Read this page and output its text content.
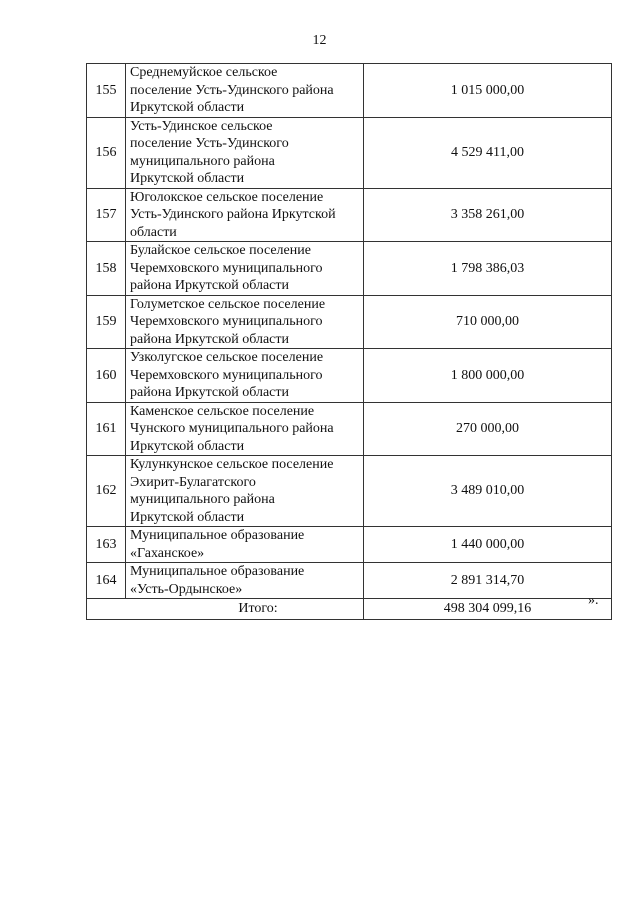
12
155	Среднемуйское сельское
поселение Усть-Удинского района
Иркутской области	1 015 000,00
156	Усть-Удинское сельское
поселение Усть-Удинского
муниципального района
Иркутской области	4 529 411,00
157	Юголокское сельское поселение
Усть-Удинского района Иркутской
области	3 358 261,00
158	Булайское сельское поселение
Черемховского муниципального
района Иркутской области	1 798 386,03
159	Голуметское сельское поселение
Черемховского муниципального
района Иркутской области	710 000,00
160	Узколугское сельское поселение
Черемховского муниципального
района Иркутской области	1 800 000,00
161	Каменское сельское поселение
Чунского муниципального района
Иркутской области	270 000,00
162	Кулункунское сельское поселение
Эхирит-Булагатского
муниципального района
Иркутской области	3 489 010,00
163	Муниципальное образование
«Гаханское»	1 440 000,00
164	Муниципальное образование
«Усть-Ордынское»	2 891 314,70
Итого:		498 304 099,16
».
